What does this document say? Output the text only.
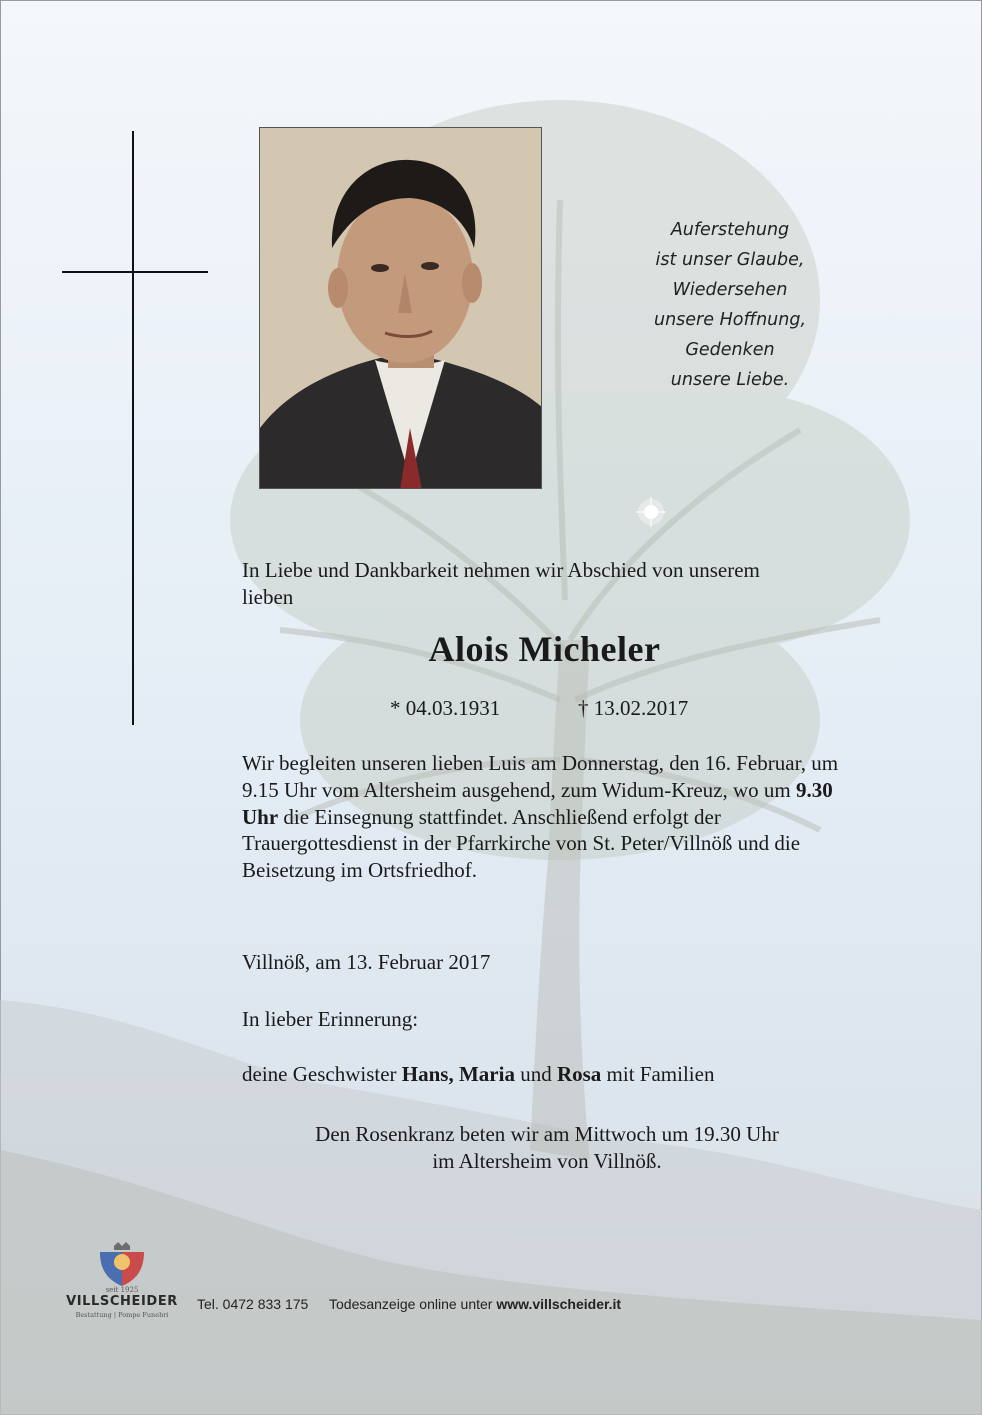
Auferstehung
ist unser Glaube,
Wiedersehen
unsere Hoffnung,
Gedenken
unsere Liebe.
In Liebe und Dankbarkeit nehmen wir Abschied von unserem lieben
Alois Micheler
* 04.03.1931	† 13.02.2017
Wir begleiten unseren lieben Luis am Donnerstag, den 16. Februar, um 9.15 Uhr vom Altersheim ausgehend, zum Widum-Kreuz, wo um 9.30 Uhr die Einsegnung stattfindet. Anschließend erfolgt der Trauergottesdienst in der Pfarrkirche von St. Peter/Villnöß und die Beisetzung im Ortsfriedhof.
Villnöß, am 13. Februar 2017
In lieber Erinnerung:
deine Geschwister Hans, Maria und Rosa mit Familien
Den Rosenkranz beten wir am Mittwoch um 19.30 Uhr
im Altersheim von Villnöß.
seit 1925
VILLSCHEIDER
Bestattung | Pompe Funebri
Tel. 0472 833 175 Todesanzeige online unter www.villscheider.it
